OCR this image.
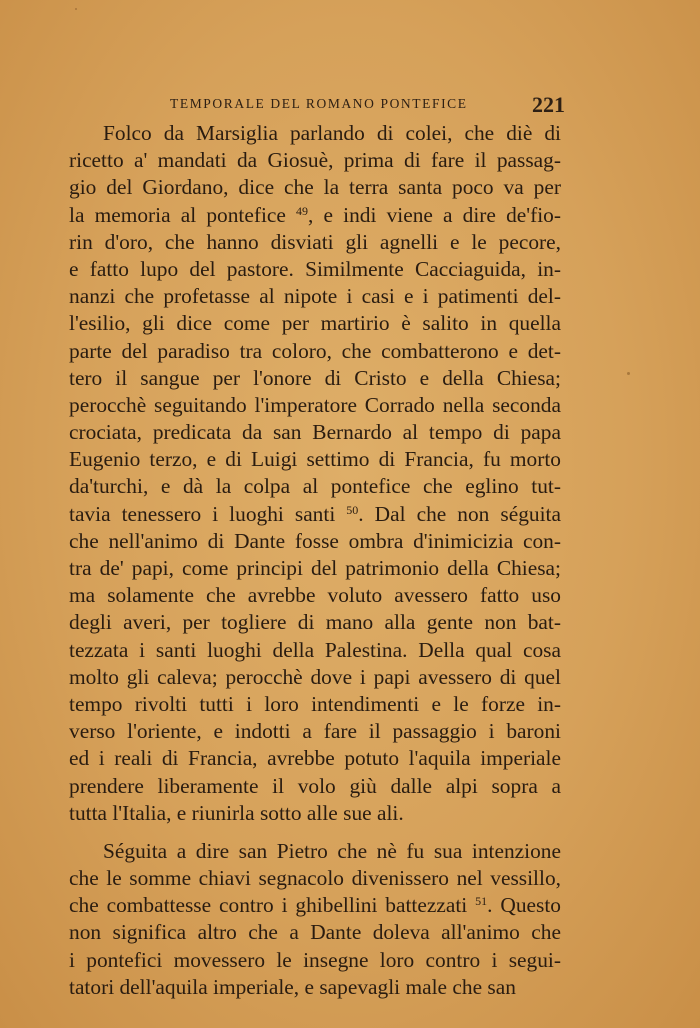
TEMPORALE DEL ROMANO PONTEFICE	221
Folco da Marsiglia parlando di colei, che diè di
ricetto a' mandati da Giosuè, prima di fare il passag-
gio del Giordano, dice che la terra santa poco va per
la memoria al pontefice $^{49}$, e indi viene a dire de'fio-
rin d'oro, che hanno disviati gli agnelli e le pecore,
e fatto lupo del pastore. Similmente Cacciaguida, in-
nanzi che profetasse al nipote i casi e i patimenti del-
l'esilio, gli dice come per martirio è salito in quella
parte del paradiso tra coloro, che combatterono e det-
tero il sangue per l'onore di Cristo e della Chiesa;
perocchè seguitando l'imperatore Corrado nella seconda
crociata, predicata da san Bernardo al tempo di papa
Eugenio terzo, e di Luigi settimo di Francia, fu morto
da'turchi, e dà la colpa al pontefice che eglino tut-
tavia tenessero i luoghi santi $^{50}$. Dal che non séguita
che nell'animo di Dante fosse ombra d'inimicizia con-
tra de' papi, come principi del patrimonio della Chiesa;
ma solamente che avrebbe voluto avessero fatto uso
degli averi, per togliere di mano alla gente non bat-
tezzata i santi luoghi della Palestina. Della qual cosa
molto gli caleva; perocchè dove i papi avessero di quel
tempo rivolti tutti i loro intendimenti e le forze in-
verso l'oriente, e indotti a fare il passaggio i baroni
ed i reali di Francia, avrebbe potuto l'aquila imperiale
prendere liberamente il volo giù dalle alpi sopra a
tutta l'Italia, e riunirla sotto alle sue ali.
Séguita a dire san Pietro che nè fu sua intenzione
che le somme chiavi segnacolo divenissero nel vessillo,
che combattesse contro i ghibellini battezzati $^{51}$. Questo
non significa altro che a Dante doleva all'animo che
i pontefici movessero le insegne loro contro i segui-
tatori dell'aquila imperiale, e sapevagli male che san
